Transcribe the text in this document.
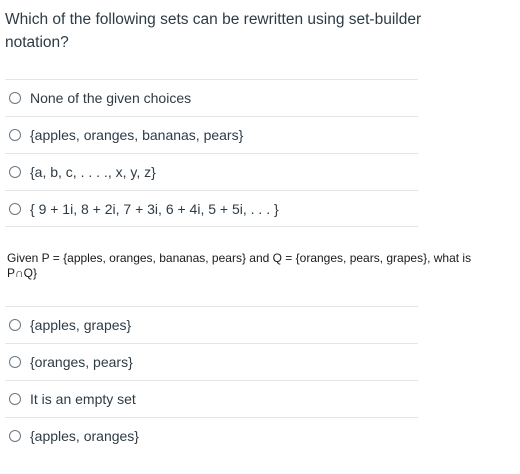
Which of the following sets can be rewritten using set-builder notation?
None of the given choices
{apples, oranges, bananas, pears}
{a, b, c, . . . ., x, y, z}
{ 9 + 1i, 8 + 2i, 7 + 3i, 6 + 4i, 5 + 5i, . . . }
Given P = {apples, oranges, bananas, pears} and Q = {oranges, pears, grapes}, what is P∩Q}
{apples, grapes}
{oranges, pears}
It is an empty set
{apples, oranges}
